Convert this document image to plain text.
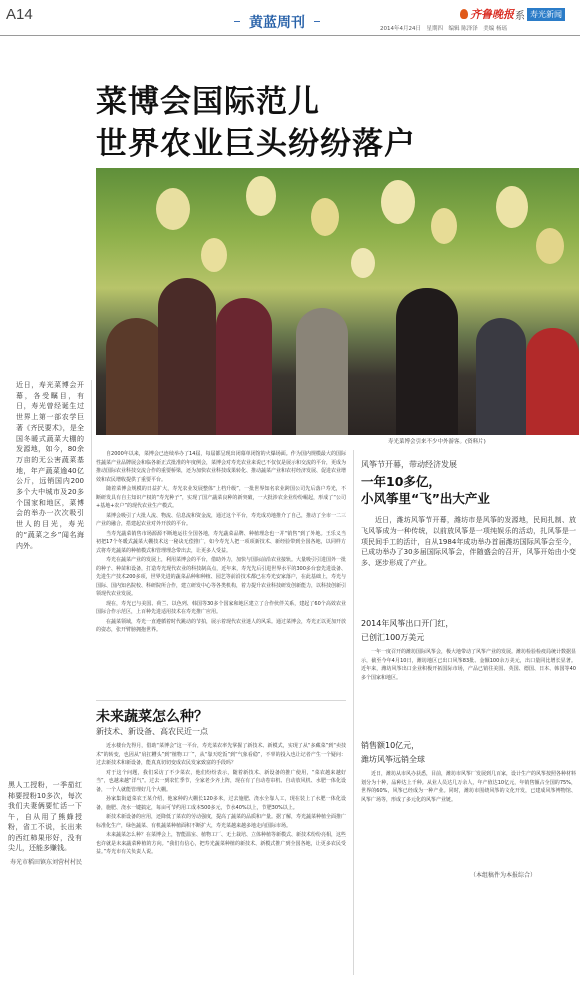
A14	黄蓝周刊
齐鲁晚报 系 寿光新闻
2014年4月24日　星期四　编辑 陈泽泽　美编 杨瑶
菜博会国际范儿
世界农业巨头纷纷落户
寿光菜博会引来不少中外游客。(资料片)
近日，寿光菜博会开幕，各受瞩目，有日，寿光曾经诞生过世界上第一部农学巨著《齐民要术》，是全国冬暖式蔬菜大棚的发源地，如今，80余万亩的无公害蔬菜基地，年产蔬菜逾40亿公斤，远销国内200多个大中城市及20多个国家和地区，菜博会的举办一次次吸引世人的目光，寿光的“蔬菜之乡”闻名海内外。
黑人工授粉，一季茄红柿要授粉10多次，每次我们夫妻俩要忙活一下午，自从用了熊蜂授粉，省工不说，长出来的西红柿果形好，没有尖儿，还能多赚钱。
寿光市稻田镇东刘营村村民

自2000年以来，菜博会已连续举办了14届，每届都呈现出闭幕单闭馆的火爆场面。作为国内规模最大的国际性蔬菜产业品牌展会和临各新正式批准的年度例会，菜博会对寿光农业来说已不仅仅是展示和交流的平台，更成为推动国际农业科技交流合作的重要桥梁，还为加快农业科技成果转化、推动蔬菜产业和农村经济发展、促进农业增效和农民增收提供了重要平台。

随着菜博会规模的日益扩大，寿光农业发展整体“上档升级”，一批世界知名农业跨国公司先后落户寿光，不断研发具有自主知识产权的“寿光种子”，实现了国产蔬菜良种的新突破，一大批涉农企业纷纷崛起，形成了“公司+基地+农户”的现代农业生产模式。

菜博会吸引了大批人流、物流、信息流和资金流，通过这个平台，寿光成功地推介了自己，推动了全市一二三产业的融合，搭建起农业对外开放的平台。

当寿光蔬菜销售市场源源不断地运往全国各地，寿光蔬菜品牌、种植理念也一并“销售”到了外地。王乐义当初把17个冬暖式蔬菜大棚技术这一秘诀无偿推广，如今寿光人把一项项新技术、新经验带到全国各地，以同样方式将寿光蔬菜的种植模式和管理理念带出去，让更多人受益。

寿光在蔬菜产业的发展上，利用菜博会的平台，借助外力，加快与国际前沿农业接轨。大量吸引引进国外一批的种子、种苗和设备，打造寿光现代农业的科技制高点，近年来，寿光先后引进世界水平的300多台套先进设备、先进生产技术200多项，世界先进的蔬菜品种和种植、园艺等前沿技术都已在寿光安家落户，在此基础上，寿光与国际、国内知名院校、科研院所合作，建立研发中心等各类机构，着力提升农业科技研发创新能力，以科技创新引领现代农业发展。

现在，寿光已与美国、荷兰、以色列、韩国等30多个国家和地区建立了合作伙伴关系，建起了60个高效农业国际合作示范区，上百种先进适用技术在寿光推广应用。

在蔬菜领域，寿光一直遵循着时代跳动的节拍，展示着现代农业迷人的风采。通过菜博会，寿光正以更加开放的姿态，张开臂膀拥抱世界。

未来蔬菜怎么种？
新技术、新设备、高农民近一点

近水楼台先得月，借助“菜博会”这一平台，寿光菜农率先掌握了新技术、新模式，实现了从“多藏菜”到“卖技术”的转变，也因从“肩扛糟头”到“植物工厂”，从“靠天吃饭”到“气象看稳”，不辜的投入也让记者产生一个疑问：过去新技术和新设备，能真真切切变成农民发家致富的手段吗？

对于这个问题，我们采访了不少菜农，他们纷纷表示，随着新技术、新设备的推广使用，“菜农越来越好当”，也越来越“洋气”。过去一到农忙季节，全家老少齐上阵，现在有了自动卷帘机、自动放风机、水肥一体化设备，一个人就能管理好几个大棚。

孙家集街道菜农王某介绍，他家种的大棚长120多米，过去施肥、浇水全靠人工，现在装上了水肥一体化设备，施肥、浇水一键搞定，每亩可节约用工成本500多元，节水40%以上，节肥30%以上。

新技术新设备的应用，还降低了菜农的劳动强度，提高了蔬菜的品质和产量。据了解，寿光蔬菜种植全面推广标准化生产，绿色蔬菜、有机蔬菜种植面积不断扩大，寿光菜越来越多地走向国际市场。

未来蔬菜怎么种？在菜博会上，智能温室、植物工厂、无土栽培、立体种植等新模式、新技术纷纷亮相，这些也许就是未来蔬菜种植的方向。“我们有信心，把寿光蔬菜种植的新技术、新模式推广到全国各地，让更多农民受益。”寿光市有关负责人说。

风筝节开幕，带动经济发展
一年10多亿，
小风筝里“飞”出大产业
近日，潍坊风筝节开幕，潍坊市是风筝的发源地，民间扎制、放飞风筝成为一种传统，以前放风筝是一项纯娱乐的活动，扎风筝是一项民间手工的活计，自从1984年成功举办首届潍坊国际风筝会至今，已成功举办了30多届国际风筝会，伴随盛会的召开，风筝开始由小变多、逐步形成了产业。
2014年风筝出口开门红，
已创汇100万美元
一年一度召开的潍坊国际风筝会，极大地带动了风筝产业的发展。潍坊检验检疫局统计数据显示，截至今年4月10日，潍坊地区已出口风筝83批、金额100余万美元，出口量同比增长显著。近年来，潍坊风筝出口企业积极开拓国际市场，产品已销往美国、英国、德国、日本、韩国等40多个国家和地区。
销售额10亿元，
潍坊风筝远销全球
近日，潍坊从市风办获悉，目前，潍坊市风筝厂发展到几百家，设计生产的风筝按照各种材料划分为十种，品种达上千种。从业人员达几万余人，年产值达10亿元，年销售额占全国的75%，世界的60%，风筝已经成为一种产业。同时，潍坊市围绕风筝的文化开发，已建成风筝博物馆、风筝广场等，形成了多元化的风筝产业链。
（本组稿件为本报综合）
